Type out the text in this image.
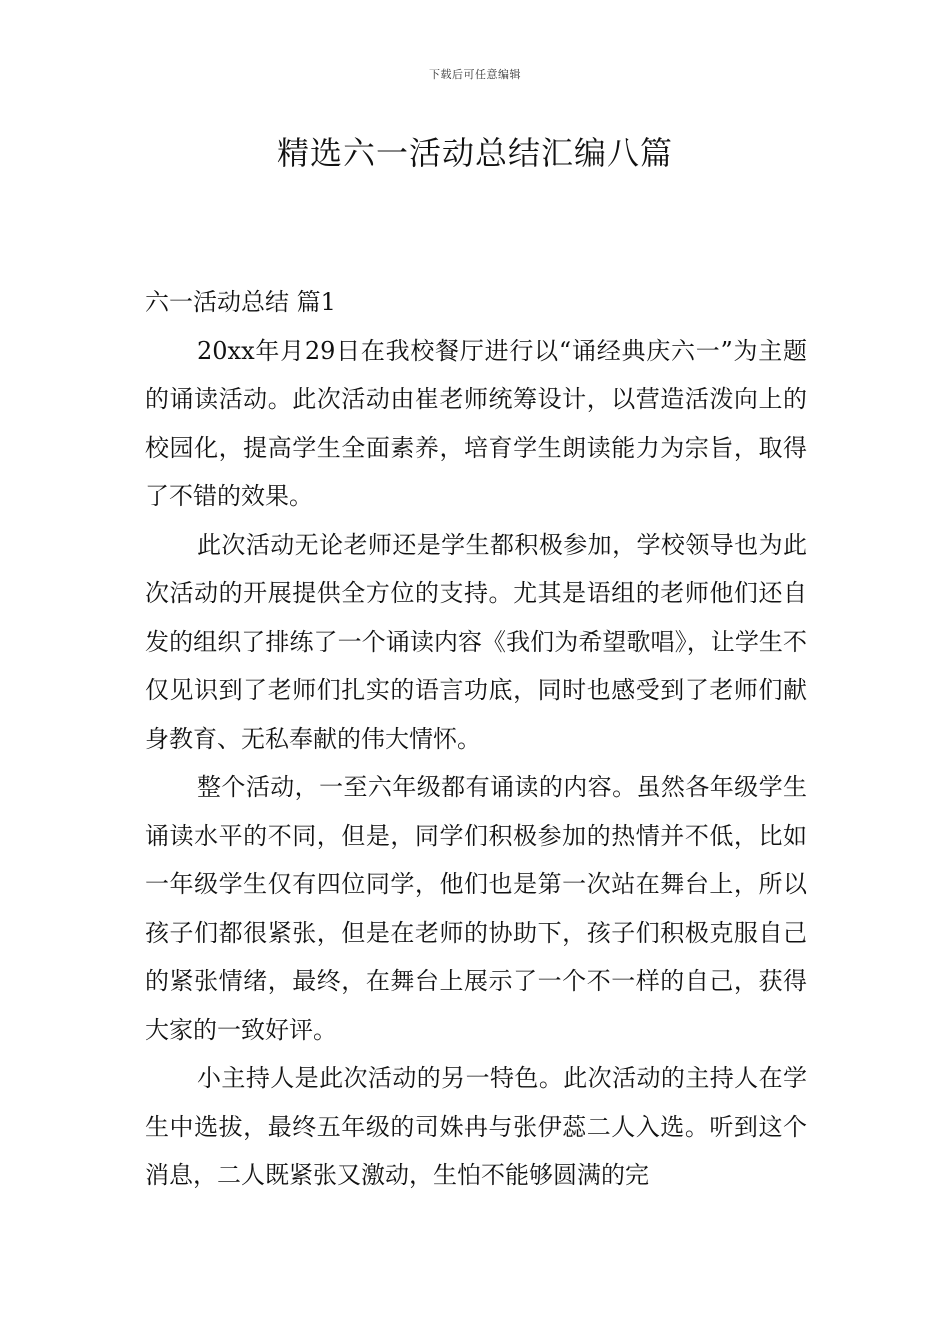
下载后可任意编辑
精选六一活动总结汇编八篇
六一活动总结 篇1

20xx年月29日在我校餐厅进行以“诵经典庆六一”为主题的诵读活动。此次活动由崔老师统筹设计，以营造活泼向上的校园化，提高学生全面素养，培育学生朗读能力为宗旨，取得了不错的效果。

此次活动无论老师还是学生都积极参加，学校领导也为此次活动的开展提供全方位的支持。尤其是语组的老师他们还自发的组织了排练了一个诵读内容《我们为希望歌唱》，让学生不仅见识到了老师们扎实的语言功底，同时也感受到了老师们献身教育、无私奉献的伟大情怀。

整个活动，一至六年级都有诵读的内容。虽然各年级学生诵读水平的不同，但是，同学们积极参加的热情并不低，比如一年级学生仅有四位同学，他们也是第一次站在舞台上，所以孩子们都很紧张，但是在老师的协助下，孩子们积极克服自己的紧张情绪，最终，在舞台上展示了一个不一样的自己，获得大家的一致好评。

小主持人是此次活动的另一特色。此次活动的主持人在学生中选拔，最终五年级的司姝冉与张伊蕊二人入选。听到这个消息，二人既紧张又激动，生怕不能够圆满的完
